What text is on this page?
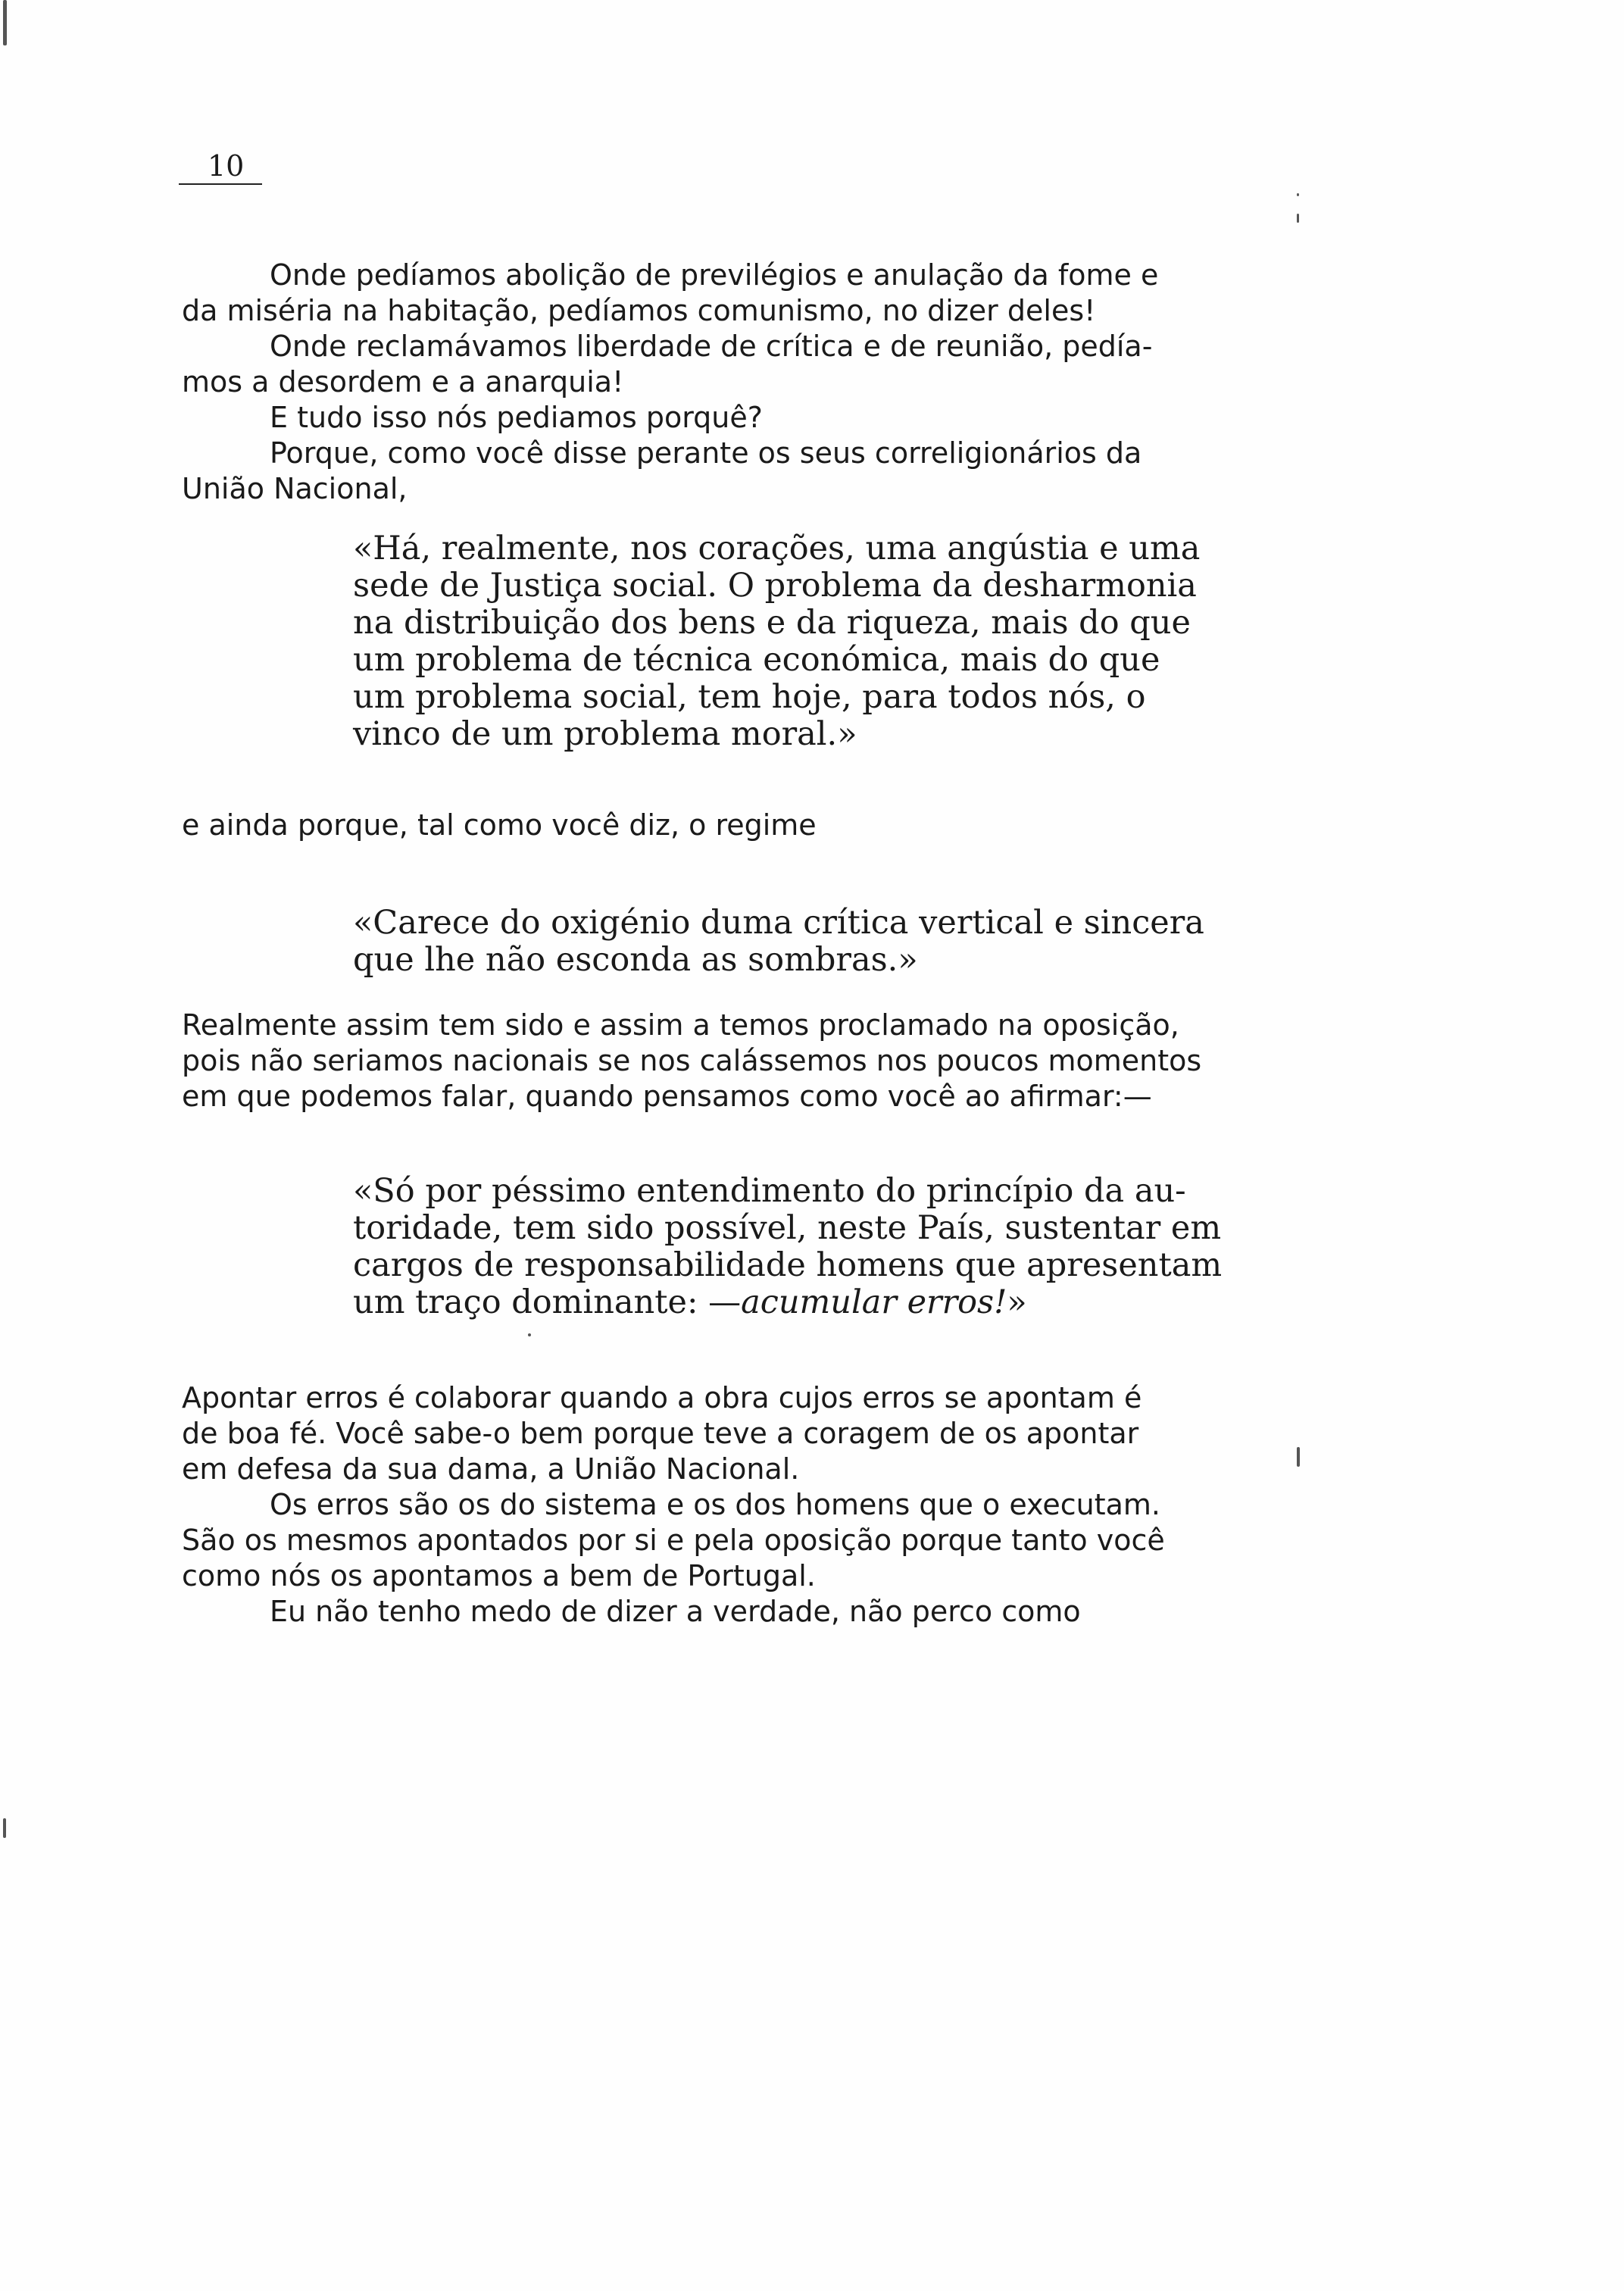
10
Onde pedíamos abolição de previlégios e anulação da fome e
da miséria na habitação, pedíamos comunismo, no dizer deles!
Onde reclamávamos liberdade de crítica e de reunião, pedía-
mos a desordem e a anarquia!
E tudo isso nós pediamos porquê?
Porque, como você disse perante os seus correligionários da
União Nacional,
«Há, realmente, nos corações, uma angústia e uma
sede de Justiça social. O problema da desharmonia
na distribuição dos bens e da riqueza, mais do que
um problema de técnica económica, mais do que
um problema social, tem hoje, para todos nós, o
vinco de um problema moral.»
e ainda porque, tal como você diz, o regime
«Carece do oxigénio duma crítica vertical e sincera
que lhe não esconda as sombras.»
Realmente assim tem sido e assim a temos proclamado na oposição,
pois não seriamos nacionais se nos calássemos nos poucos momentos
em que podemos falar, quando pensamos como você ao afirmar:—
«Só por péssimo entendimento do princípio da au-
toridade, tem sido possível, neste País, sustentar em
cargos de responsabilidade homens que apresentam
um traço dominante: —acumular erros!»
Apontar erros é colaborar quando a obra cujos erros se apontam é
de boa fé. Você sabe-o bem porque teve a coragem de os apontar
em defesa da sua dama, a União Nacional.
Os erros são os do sistema e os dos homens que o executam.
São os mesmos apontados por si e pela oposição porque tanto você
como nós os apontamos a bem de Portugal.
Eu não tenho medo de dizer a verdade, não perco como
